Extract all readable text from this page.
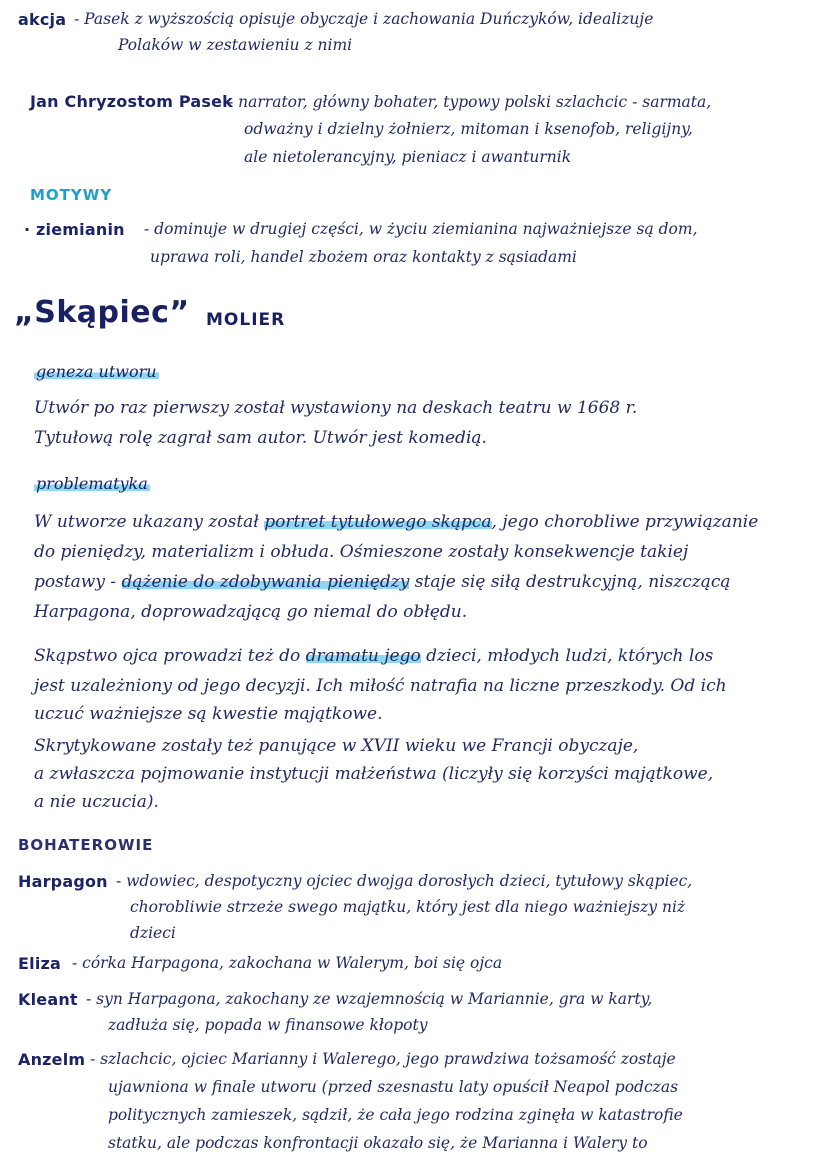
akcja - Pasek z wyższością opisuje obyczaje i zachowania Duńczyków, idealizuje
Polaków w zestawieniu z nimi
Jan Chryzostom Pasek
- narrator, główny bohater, typowy polski szlachcic - sarmata,
odważny i dzielny żołnierz, mitoman i ksenofob, religijny,
ale nietolerancyjny, pieniacz i awanturnik
MOTYWY
· ziemianin - dominuje w drugiej części, w życiu ziemianina najważniejsze są dom,
uprawa roli, handel zbożem oraz kontakty z sąsiadami
„Skąpiec” MOLIER
geneza utworu
Utwór po raz pierwszy został wystawiony na deskach teatru w 1668 r.
Tytułową rolę zagrał sam autor. Utwór jest komedią.
problematyka
W utworze ukazany został portret tytułowego skąpca, jego chorobliwe przywiązanie
do pieniędzy, materializm i obłuda. Ośmieszone zostały konsekwencje takiej
postawy - dążenie do zdobywania pieniędzy staje się siłą destrukcyjną, niszczącą
Harpagona, doprowadzającą go niemal do obłędu.
Skąpstwo ojca prowadzi też do dramatu jego dzieci, młodych ludzi, których los
jest uzależniony od jego decyzji. Ich miłość natrafia na liczne przeszkody. Od ich
uczuć ważniejsze są kwestie majątkowe.
Skrytykowane zostały też panujące w XVII wieku we Francji obyczaje,
a zwłaszcza pojmowanie instytucji małżeństwa (liczyły się korzyści majątkowe,
a nie uczucia).
BOHATEROWIE
Harpagon - wdowiec, despotyczny ojciec dwojga dorosłych dzieci, tytułowy skąpiec,
chorobliwie strzeże swego majątku, który jest dla niego ważniejszy niż
dzieci
Eliza - córka Harpagona, zakochana w Walerym, boi się ojca
Kleant - syn Harpagona, zakochany ze wzajemnością w Mariannie, gra w karty,
zadłuża się, popada w finansowe kłopoty
Anzelm - szlachcic, ojciec Marianny i Walerego, jego prawdziwa tożsamość zostaje
ujawniona w finale utworu (przed szesnastu laty opuścił Neapol podczas
politycznych zamieszek, sądził, że cała jego rodzina zginęła w katastrofie
statku, ale podczas konfrontacji okazało się, że Marianna i Walery to
